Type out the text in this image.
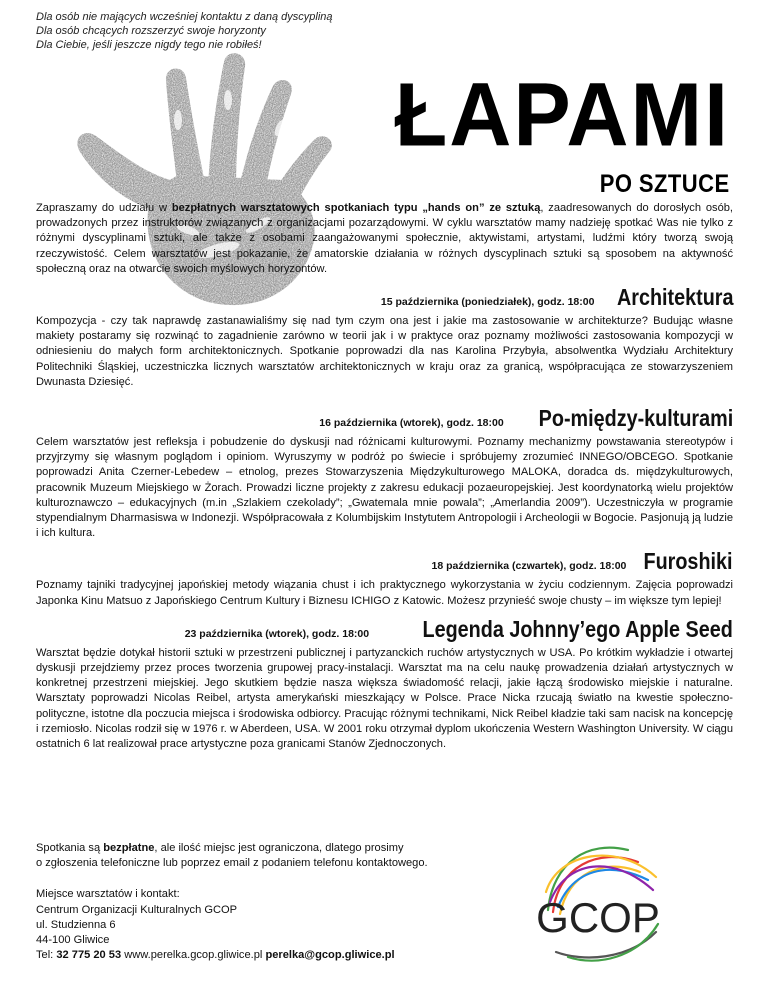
Dla osób nie mających wcześniej kontaktu z daną dyscypliną
Dla osób chcących rozszerzyć swoje horyzonty
Dla Ciebie, jeśli jeszcze nigdy tego nie robiłeś!
ŁAPAMI
PO SZTUCE

Zapraszamy do udziału w bezpłatnych warsztatowych spotkaniach typu „hands on” ze sztuką, zaadresowanych do dorosłych osób, prowadzonych przez instruktorów związanych z organizacjami pozarządowymi. W cyklu warsztatów mamy nadzieję spotkać Was nie tylko z różnymi dyscyplinami sztuki, ale także z osobami zaangażowanymi społecznie, aktywistami, artystami, ludźmi który tworzą swoją rzeczywistość. Celem warsztatów jest pokazanie, że amatorskie działania w różnych dyscyplinach sztuki są sposobem na aktywność społeczną oraz na otwarcie swoich myślowych horyzontów.

15 października (poniedziałek), godz. 18:00 Architektura

Kompozycja - czy tak naprawdę zastanawialiśmy się nad tym czym ona jest i jakie ma zastosowanie w architekturze? Budując własne makiety postaramy się rozwinąć to zagadnienie zarówno w teorii jak i w praktyce oraz poznamy możliwości zastosowania kompozycji w odniesieniu do małych form architektonicznych. Spotkanie poprowadzi dla nas Karolina Przybyła, absolwentka Wydziału Architektury Politechniki Śląskiej, uczestniczka licznych warsztatów architektonicznych w kraju oraz za granicą, współpracująca ze stowarzyszeniem Dwunasta Dziesięć.

16 października (wtorek), godz. 18:00 Po-między-kulturami

Celem warsztatów jest refleksja i pobudzenie do dyskusji nad różnicami kulturowymi. Poznamy mechanizmy powstawania stereotypów i przyjrzymy się własnym poglądom i opiniom. Wyruszymy w podróż po świecie i spróbujemy zrozumieć INNEGO/OBCEGO. Spotkanie poprowadzi Anita Czerner-Lebedew – etnolog, prezes Stowarzyszenia Międzykulturowego MALOKA, doradca ds. międzykulturowych, pracownik Muzeum Miejskiego w Żorach. Prowadzi liczne projekty z zakresu edukacji pozaeuropejskiej. Jest koordynatorką wielu projektów kulturoznawczo – edukacyjnych (m.in „Szlakiem czekolady”; „Gwatemala mnie powala”; „Amerlandia 2009”). Uczestniczyła w programie stypendialnym Dharmasiswa w Indonezji. Współpracowała z Kolumbijskim Instytutem Antropologii i Archeologii w Bogocie. Pasjonują ją ludzie i ich kultura.

18 października (czwartek), godz. 18:00 Furoshiki

Poznamy tajniki tradycyjnej japońskiej metody wiązania chust i ich praktycznego wykorzystania w życiu codziennym. Zajęcia poprowadzi Japonka Kinu Matsuo z Japońskiego Centrum Kultury i Biznesu ICHIGO z Katowic. Możesz przynieść swoje chusty – im większe tym lepiej!

23 października (wtorek), godz. 18:00 Legenda Johnny’ego Apple Seed

Warsztat będzie dotykał historii sztuki w przestrzeni publicznej i partyzanckich ruchów artystycznych w USA. Po krótkim wykładzie i otwartej dyskusji przejdziemy przez proces tworzenia grupowej pracy-instalacji. Warsztat ma na celu naukę prowadzenia działań artystycznych w konkretnej przestrzeni miejskiej. Jego skutkiem będzie nasza większa świadomość relacji, jakie łączą środowisko miejskie i naturalne. Warsztaty poprowadzi Nicolas Reibel, artysta amerykański mieszkający w Polsce. Prace Nicka rzucają światło na kwestie społeczno-polityczne, istotne dla poczucia miejsca i środowiska odbiorcy. Pracując różnymi technikami, Nick Reibel kładzie taki sam nacisk na koncepcję i rzemiosło. Nicolas rodził się w 1976 r. w Aberdeen, USA. W 2001 roku otrzymał dyplom ukończenia Western Washington University. W ciągu ostatnich 6 lat realizował prace artystyczne poza granicami Stanów Zjednoczonych.

Spotkania są bezpłatne, ale ilość miejsc jest ograniczona, dlatego prosimy
o zgłoszenia telefoniczne lub poprzez email z podaniem telefonu kontaktowego.
Miejsce warsztatów i kontakt:
Centrum Organizacji Kulturalnych GCOP
ul. Studzienna 6
44-100 Gliwice
Tel: 32 775 20 53 www.perelka.gcop.gliwice.pl perelka@gcop.gliwice.pl
GCOP
